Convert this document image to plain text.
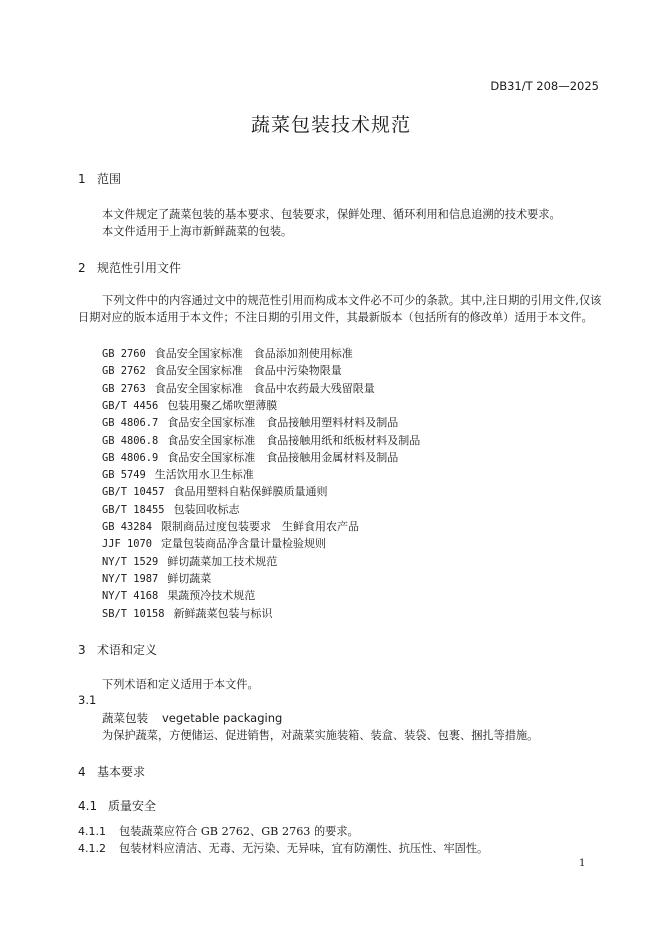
DB31/T 208—2025
蔬菜包装技术规范
1 范围
本文件规定了蔬菜包装的基本要求、包装要求，保鲜处理、循环利用和信息追溯的技术要求。
本文件适用于上海市新鲜蔬菜的包装。
2 规范性引用文件
下列文件中的内容通过文中的规范性引用而构成本文件必不可少的条款。其中,注日期的引用文件,仅该日期对应的版本适用于本文件；不注日期的引用文件，其最新版本（包括所有的修改单）适用于本文件。
GB 2760 食品安全国家标准　食品添加剂使用标准
GB 2762 食品安全国家标准　食品中污染物限量
GB 2763 食品安全国家标准　食品中农药最大残留限量
GB/T 4456 包装用聚乙烯吹塑薄膜
GB 4806.7 食品安全国家标准　食品接触用塑料材料及制品
GB 4806.8 食品安全国家标准　食品接触用纸和纸板材料及制品
GB 4806.9 食品安全国家标准　食品接触用金属材料及制品
GB 5749 生活饮用水卫生标准
GB/T 10457 食品用塑料自粘保鲜膜质量通则
GB/T 18455 包装回收标志
GB 43284 限制商品过度包装要求　生鲜食用农产品
JJF 1070 定量包装商品净含量计量检验规则
NY/T 1529 鲜切蔬菜加工技术规范
NY/T 1987 鲜切蔬菜
NY/T 4168 果蔬预冷技术规范
SB/T 10158 新鲜蔬菜包装与标识
3 术语和定义
下列术语和定义适用于本文件。
3.1
蔬菜包装 vegetable packaging
为保护蔬菜，方便储运、促进销售，对蔬菜实施装箱、装盒、装袋、包裹、捆扎等措施。
4 基本要求
4.1 质量安全
4.1.1 包装蔬菜应符合 GB 2762、GB 2763 的要求。
4.1.2 包装材料应清洁、无毒、无污染、无异味，宜有防潮性、抗压性、牢固性。
1
